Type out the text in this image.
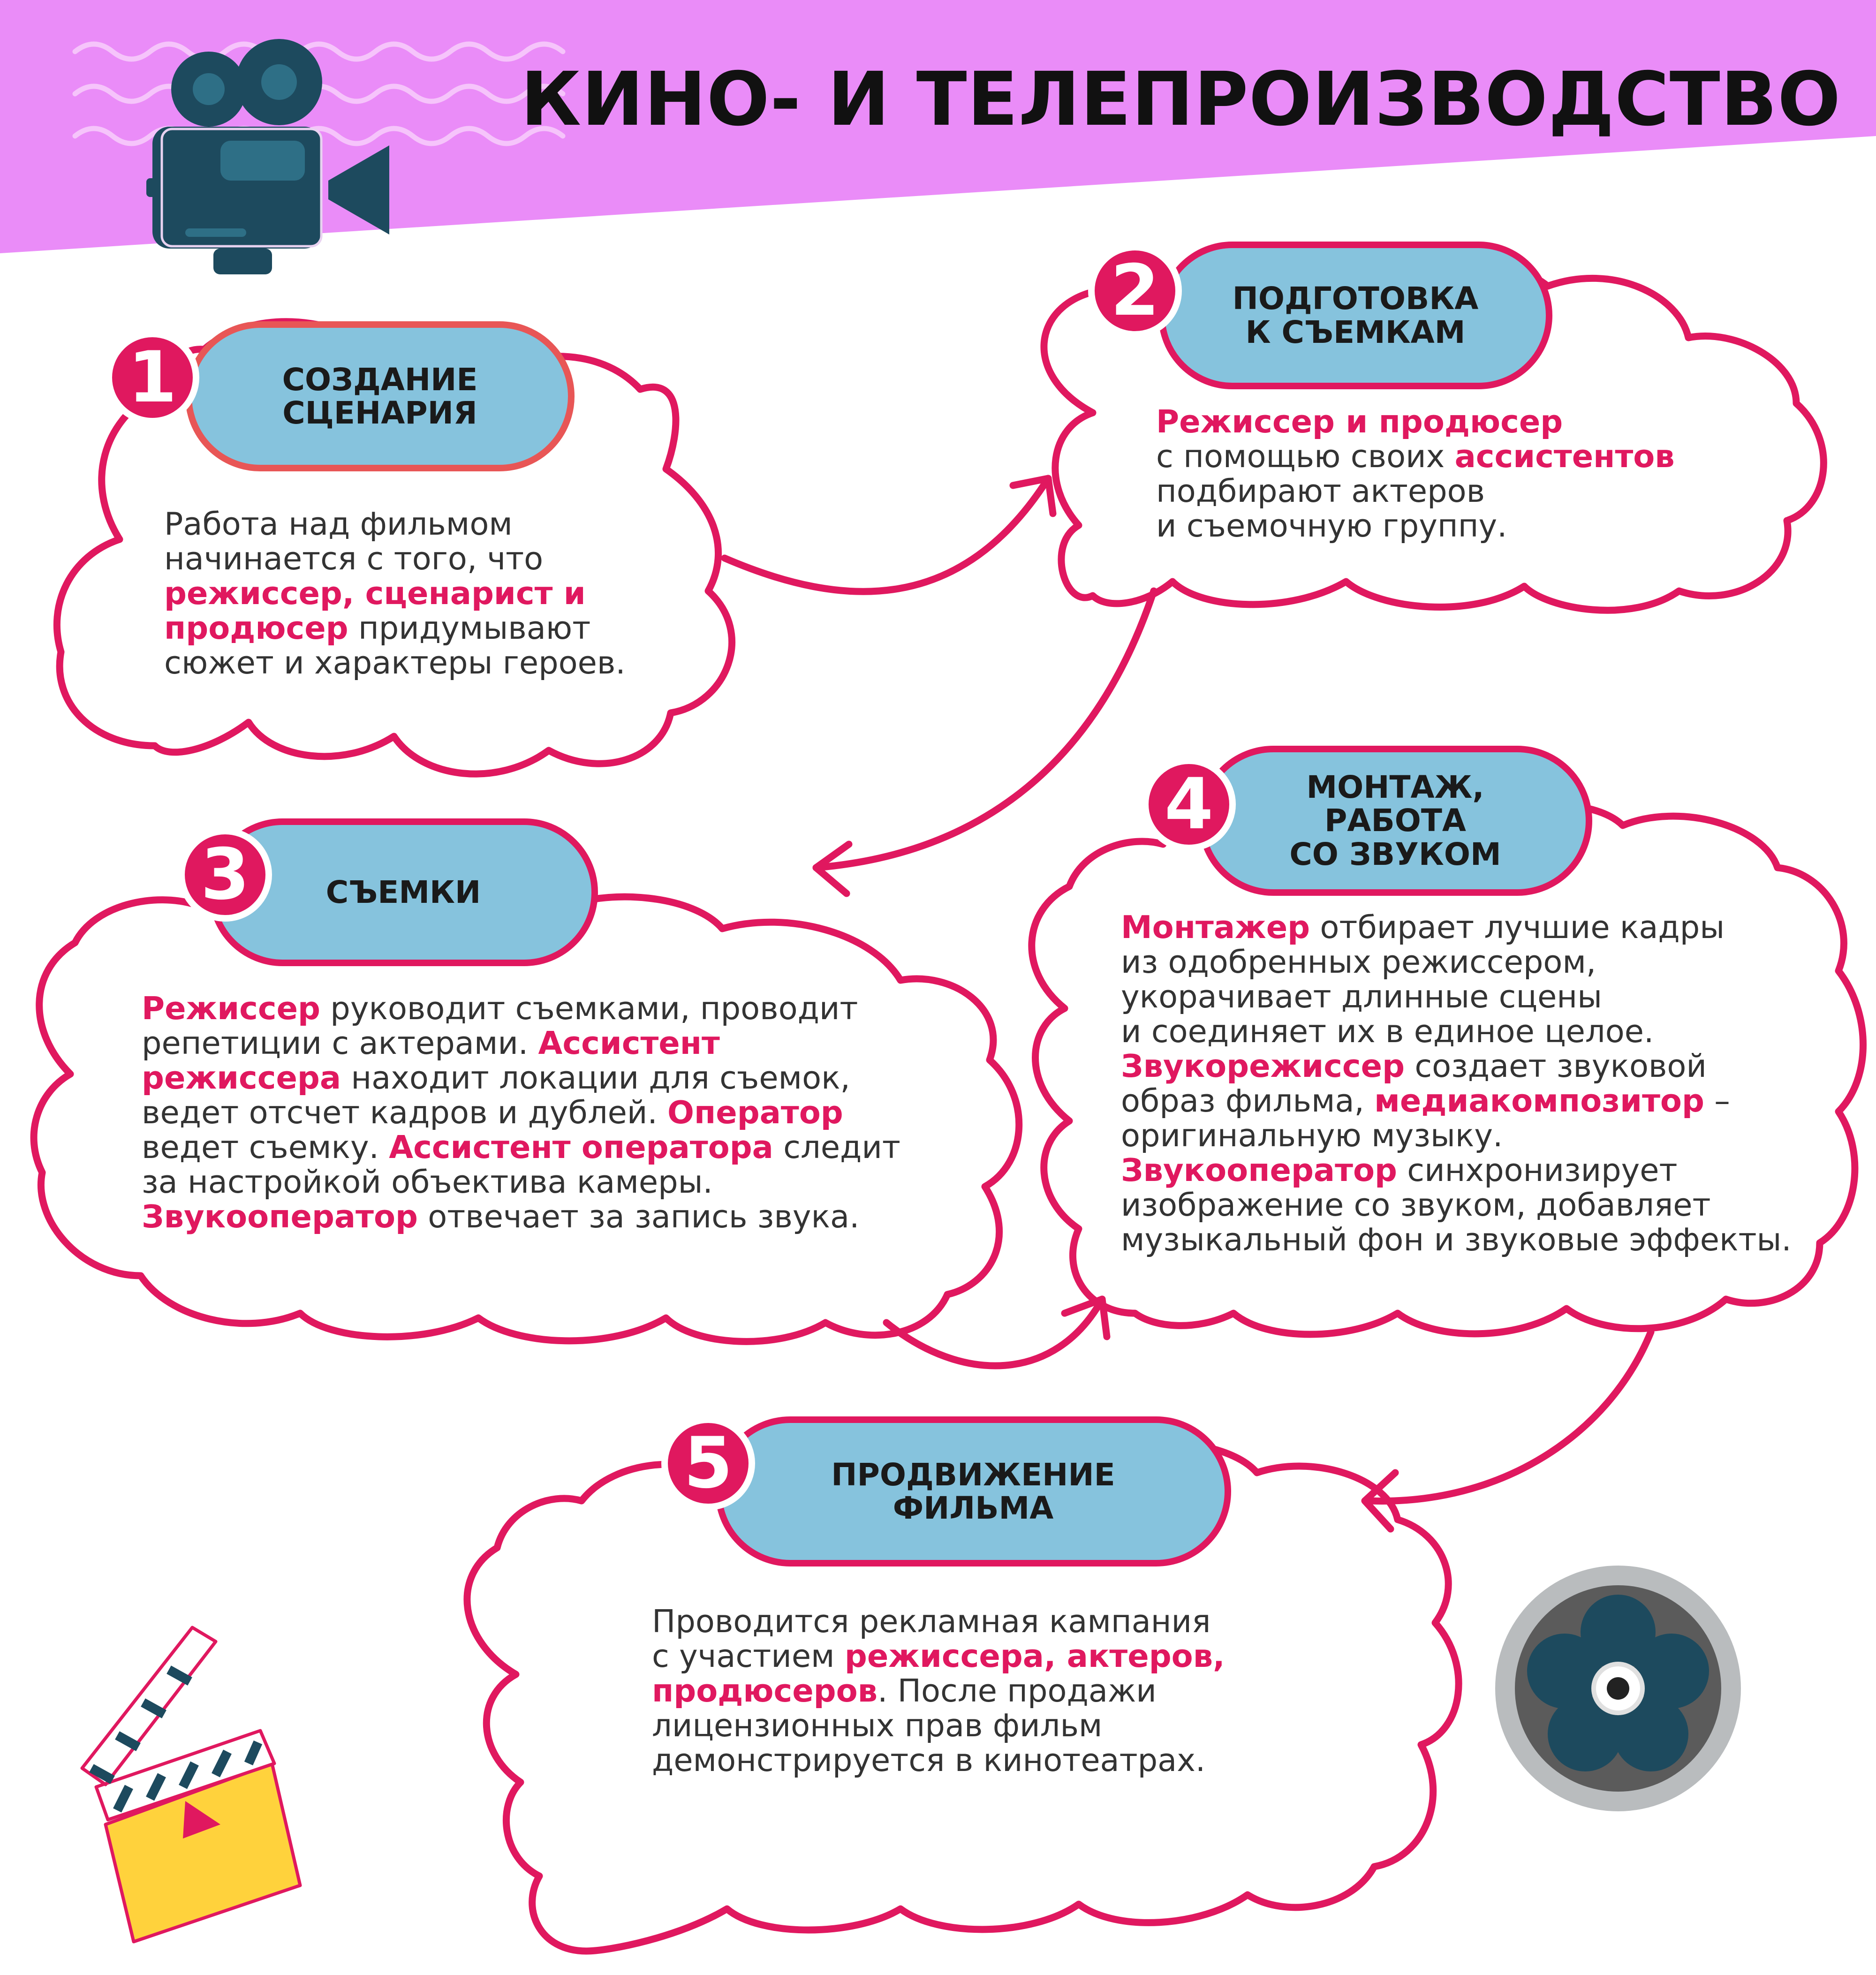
КИНО- И ТЕЛЕПРОИЗВОДСТВО
СОЗДАНИЕ
СЦЕНАРИЯ
1
Работа над фильмом
начинается с того, что
режиссер, сценарист и
продюсер придумывают
сюжет и характеры героев.
ПОДГОТОВКА
К СЪЕМКАМ
2
Режиссер и продюсер
с помощью своих ассистентов
подбирают актеров
и съемочную группу.
СЪЕМКИ
3
Режиссер руководит съемками, проводит
репетиции с актерами. Ассистент
режиссера находит локации для съемок,
ведет отсчет кадров и дублей. Оператор
ведет съемку. Ассистент оператора следит
за настройкой объектива камеры.
Звукооператор отвечает за запись звука.
МОНТАЖ,
РАБОТА
СО ЗВУКОМ
4
Монтажер отбирает лучшие кадры
из одобренных режиссером,
укорачивает длинные сцены
и соединяет их в единое целое.
Звукорежиссер создает звуковой
образ фильма, медиакомпозитор –
оригинальную музыку.
Звукооператор синхронизирует
изображение со звуком, добавляет
музыкальный фон и звуковые эффекты.
ПРОДВИЖЕНИЕ
ФИЛЬМА
5
Проводится рекламная кампания
с участием режиссера, актеров,
продюсеров. После продажи
лицензионных прав фильм
демонстрируется в кинотеатрах.
